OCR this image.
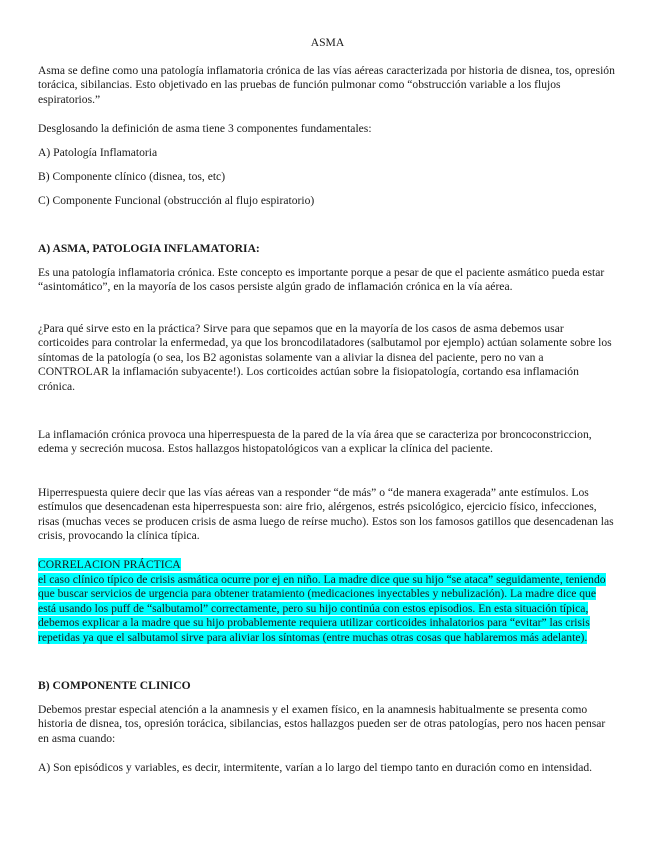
ASMA

Asma se define como una patología inflamatoria crónica de las vías aéreas caracterizada por historia de disnea, tos, opresión torácica, sibilancias. Esto objetivado en las pruebas de función pulmonar como “obstrucción variable a los flujos espiratorios.”

Desglosando la definición de asma tiene 3 componentes fundamentales:

A) Patología Inflamatoria

B) Componente clínico (disnea, tos, etc)

C) Componente Funcional (obstrucción al flujo espiratorio)

A) ASMA, PATOLOGIA INFLAMATORIA:

Es una patología inflamatoria crónica. Este concepto es importante porque a pesar de que el paciente asmático pueda estar “asintomático”, en la mayoría de los casos persiste algún grado de inflamación crónica en la vía aérea.

¿Para qué sirve esto en la práctica? Sirve para que sepamos que en la mayoría de los casos de asma debemos usar corticoides para controlar la enfermedad, ya que los broncodilatadores (salbutamol por ejemplo) actúan solamente sobre los síntomas de la patología (o sea, los B2 agonistas solamente van a aliviar la disnea del paciente, pero no van a CONTROLAR la inflamación subyacente!). Los corticoides actúan sobre la fisiopatología, cortando esa inflamación crónica.

La inflamación crónica provoca una hiperrespuesta de la pared de la vía área que se caracteriza por broncoconstriccion, edema y secreción mucosa. Estos hallazgos histopatológicos van a explicar la clínica del paciente.

Hiperrespuesta quiere decir que las vías aéreas van a responder “de más” o “de manera exagerada” ante estímulos. Los estímulos que desencadenan esta hiperrespuesta son: aire frio, alérgenos, estrés psicológico, ejercicio físico, infecciones, risas (muchas veces se producen crisis de asma luego de reírse mucho). Estos son los famosos gatillos que desencadenan las crisis, provocando la clínica típica.

CORRELACION PRÁCTICA

el caso clínico típico de crisis asmática ocurre por ej en niño. La madre dice que su hijo “se ataca” seguidamente, teniendo que buscar servicios de urgencia para obtener tratamiento (medicaciones inyectables y nebulización). La madre dice que está usando los puff de “salbutamol” correctamente, pero su hijo continúa con estos episodios. En esta situación típica, debemos explicar a la madre que su hijo probablemente requiera utilizar corticoides inhalatorios para “evitar” las crisis repetidas ya que el salbutamol sirve para aliviar los síntomas (entre muchas otras cosas que hablaremos más adelante).

B) COMPONENTE CLINICO

Debemos prestar especial atención a la anamnesis y el examen físico, en la anamnesis habitualmente se presenta como historia de disnea, tos, opresión torácica, sibilancias, estos hallazgos pueden ser de otras patologías, pero nos hacen pensar en asma cuando:

A) Son episódicos y variables, es decir, intermitente, varían a lo largo del tiempo tanto en duración como en intensidad.
